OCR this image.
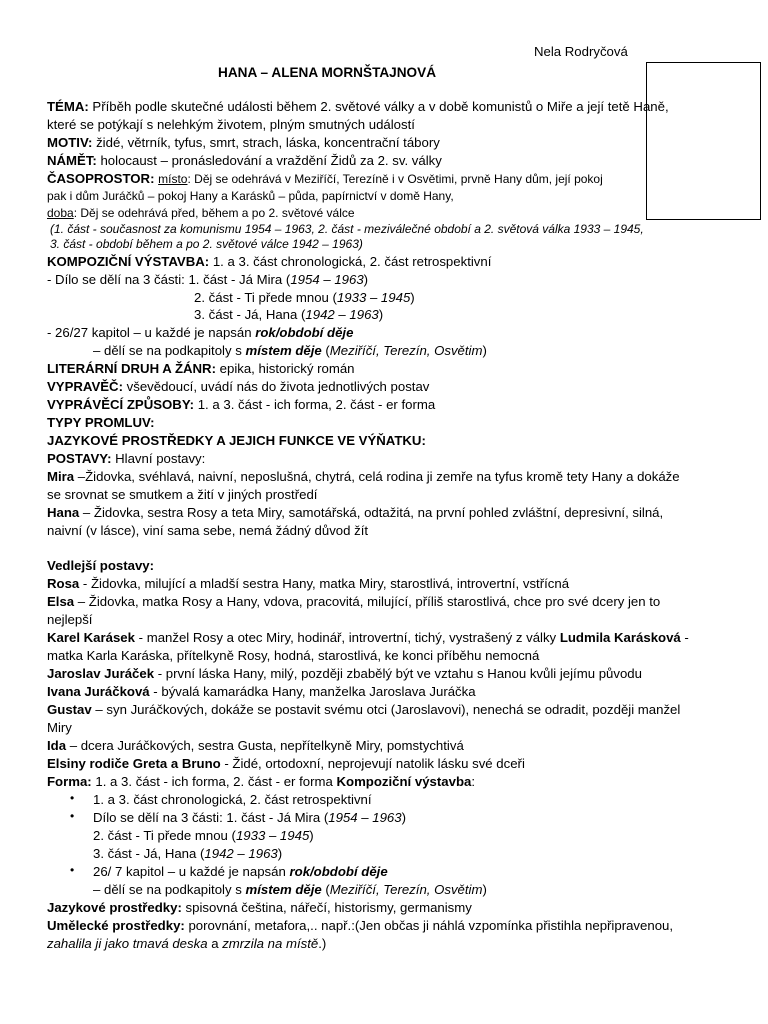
Nela Rodryčová
HANA – ALENA MORNŠTAJNOVÁ
TÉMA: Příběh podle skutečné události během 2. světové války a v době komunistů o Miře a její tetě Haně,
které se potýkají s nelehkým životem, plným smutných událostí
MOTIV: židé, větrník, tyfus, smrt, strach, láska, koncentrační tábory
NÁMĚT: holocaust – pronásledování a vraždění Židů za 2. sv. války
ČASOPROSTOR: místo: Děj se odehrává v Meziříčí, Terezíně i v Osvětimi, prvně Hany dům, její pokoj
pak i dům Juráčků – pokoj Hany a Karásků – půda, papírnictví v domě Hany,
doba: Děj se odehrává před, během a po 2. světové válce
(1. část - současnost za komunismu 1954 – 1963, 2. část - meziválečné období a 2. světová válka 1933 – 1945,
3. část - období během a po 2. světové válce 1942 – 1963)
KOMPOZIČNÍ VÝSTAVBA: 1. a 3. část chronologická, 2. část retrospektivní
- Dílo se dělí na 3 části: 1. část - Já Mira (1954 – 1963)
2. část - Ti přede mnou (1933 – 1945)
3. část - Já, Hana (1942 – 1963)
- 26/27 kapitol – u každé je napsán rok/období děje
– dělí se na podkapitoly s místem děje (Meziříčí, Terezín, Osvětim)
LITERÁRNÍ DRUH A ŽÁNR: epika, historický román
VYPRAVĚČ: vševědoucí, uvádí nás do života jednotlivých postav
VYPRÁVĚCÍ ZPŮSOBY: 1. a 3. část - ich forma, 2. část - er forma
TYPY PROMLUV:
JAZYKOVÉ PROSTŘEDKY A JEJICH FUNKCE VE VÝŇATKU:
POSTAVY: Hlavní postavy:
Mira –Židovka, svéhlavá, naivní, neposlušná, chytrá, celá rodina ji zemře na tyfus kromě tety Hany a dokáže
se srovnat se smutkem a žití v jiných prostředí
Hana – Židovka, sestra Rosy a teta Miry, samotářská, odtažitá, na první pohled zvláštní, depresivní, silná,
naivní (v lásce), viní sama sebe, nemá žádný důvod žít
Vedlejší postavy:
Rosa - Židovka, milující a mladší sestra Hany, matka Miry, starostlivá, introvertní, vstřícná
Elsa – Židovka, matka Rosy a Hany, vdova, pracovitá, milující, příliš starostlivá, chce pro své dcery jen to
nejlepší
Karel Karásek - manžel Rosy a otec Miry, hodinář, introvertní, tichý, vystrašený z války Ludmila Karásková -
matka Karla Karáska, přítelkyně Rosy, hodná, starostlivá, ke konci příběhu nemocná
Jaroslav Juráček - první láska Hany, milý, později zbabělý být ve vztahu s Hanou kvůli jejímu původu
Ivana Juráčková - bývalá kamarádka Hany, manželka Jaroslava Juráčka
Gustav – syn Juráčkových, dokáže se postavit svému otci (Jaroslavovi), nenechá se odradit, později manžel
Miry
Ida – dcera Juráčkových, sestra Gusta, nepřítelkyně Miry, pomstychtivá
Elsiny rodiče Greta a Bruno - Židé, ortodoxní, neprojevují natolik lásku své dceři
Forma: 1. a 3. část - ich forma, 2. část - er forma Kompoziční výstavba:
• 1. a 3. část chronologická, 2. část retrospektivní
• Dílo se dělí na 3 části: 1. část - Já Mira (1954 – 1963)
2. část - Ti přede mnou (1933 – 1945)
3. část - Já, Hana (1942 – 1963)
• 26/ 7 kapitol – u každé je napsán rok/období děje
– dělí se na podkapitoly s místem děje (Meziříčí, Terezín, Osvětim)
Jazykové prostředky: spisovná čeština, nářečí, historismy, germanismy
Umělecké prostředky: porovnání, metafora,.. např.:(Jen občas ji náhlá vzpomínka přistihla nepřipravenou,
zahalila ji jako tmavá deska a zmrzila na místě.)
